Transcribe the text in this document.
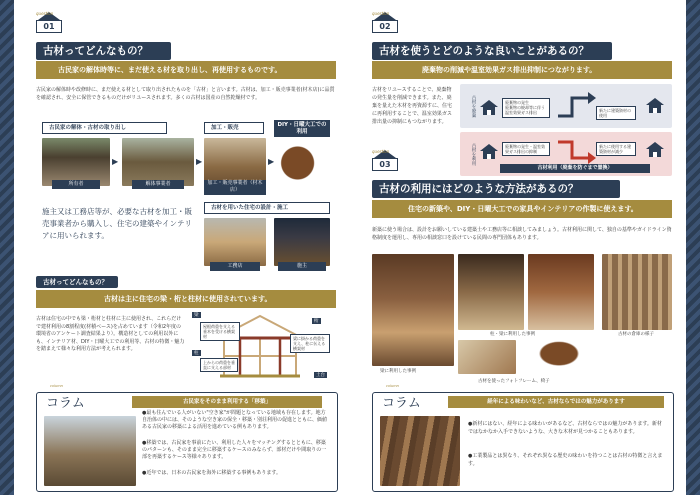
question
01
古材ってどんなもの？
古民家の解体時等に、まだ使える材を取り出し、再使用するものです。
古民家の解体時や改修時に、まだ使える材として取り出されたものを「古材」と言います。古材は、加工・販売事業者(材木店)に品質を確認され、安全に保管できるものだけがリユースされます。多くの古材は国産の自然乾燥材です。
古民家の解体・古材の取り出し	加工・販売	DIY・日曜大工での利用
▶	▶	▶
所有者	解体事業者	加工・販売事業者（材木店）
施主又は工務店等が、必要な古材を加工・販売事業者から購入し、住宅の建築やインテリアに用いられます。
古材を用いた住宅の設計・施工
工務店	施主
古材ってどんなもの？
古材は主に住宅の梁・桁と柱材に使用されています。
古材は住宅の中でも梁・桁材と柱材に主に使用され、これらだけで建材利用の8割程度(材積ベース)を占めています（令和2年度の環境省のアンケート調査結果より）。構造材としての利用以外にも、インテリア材、DIY・日曜大工での利用等、古材の特徴・魅力を踏まえて様々な利用方法が考えられます。
梁
屋根荷重を支える垂木を受ける横架材
桁
柱
上からの荷重を垂直に支える部材
梁に掛かる荷重を支え、柱に伝える横架材
土台
column
コラム	古民家をそのまま利用する「移築」
●最も住んでいる人がいない"空き家"が問題となっている地域も存在します。地方自治体の中には、そのような空き家の保全・移築・別荘利用の促進とともに、価値ある古民家の移築による活用を進めている例もあります。
●移築では、古民家を事前にたい、利用した人々をマッチングするとともに、移築のパターンも、そのまま完全に移築するケースのみならず、部材だけや間取りの一部を再築するケース等様々あります。
●近年では、日本の古民家を海外に移築する事例もあります。
question
02
古材を使うとどのような良いことがあるの？
廃棄物の削減や温室効果ガス排出抑制につながります。
古材をリユースすることで、廃棄物の発生量を削減できます。また、廃棄を量えた木材を再資源すに、住宅に再利用することで、温室効果ガス排出量の抑制にもつながります。
古材を廃棄	廃棄物の発生
廃棄物の焼却等に伴う温室効果ガス排出	新たに建築資材の使用
古材を利用	廃棄物の発生・温室効果ガス排出の抑制
新たに使用する建築資材が減少
古材利用（廃棄を防ぐまで置換）
question
03
古材の利用にはどのような方法があるの？
住宅の新築や、DIY・日曜大工での家具やインテリアの作製に使えます。
新築に使う場合は、設計をお願いしている建築士や工務店等に相談してみましょう。古材利用に関して、独自の基準やガイドライン資格制度を運用し、専用の相談窓口を設けている民間の専門団体もあります。
柱・梁に利用した事例	古材の倉庫の様子
梁に利用した事例
古材を使ったフォトフレーム、椅子
column
コラム	経年による味わいなど、古材ならではの魅力があります
●新材にはない、経年による味わいがあるなど、古材ならではの魅力があります。新材ではなかなか入手できないような、大きな木材が見つかることもあります。
●工業製品とは異なり、それぞれ異なる歴史の味わいを持つことは古材の特徴と言えます。
